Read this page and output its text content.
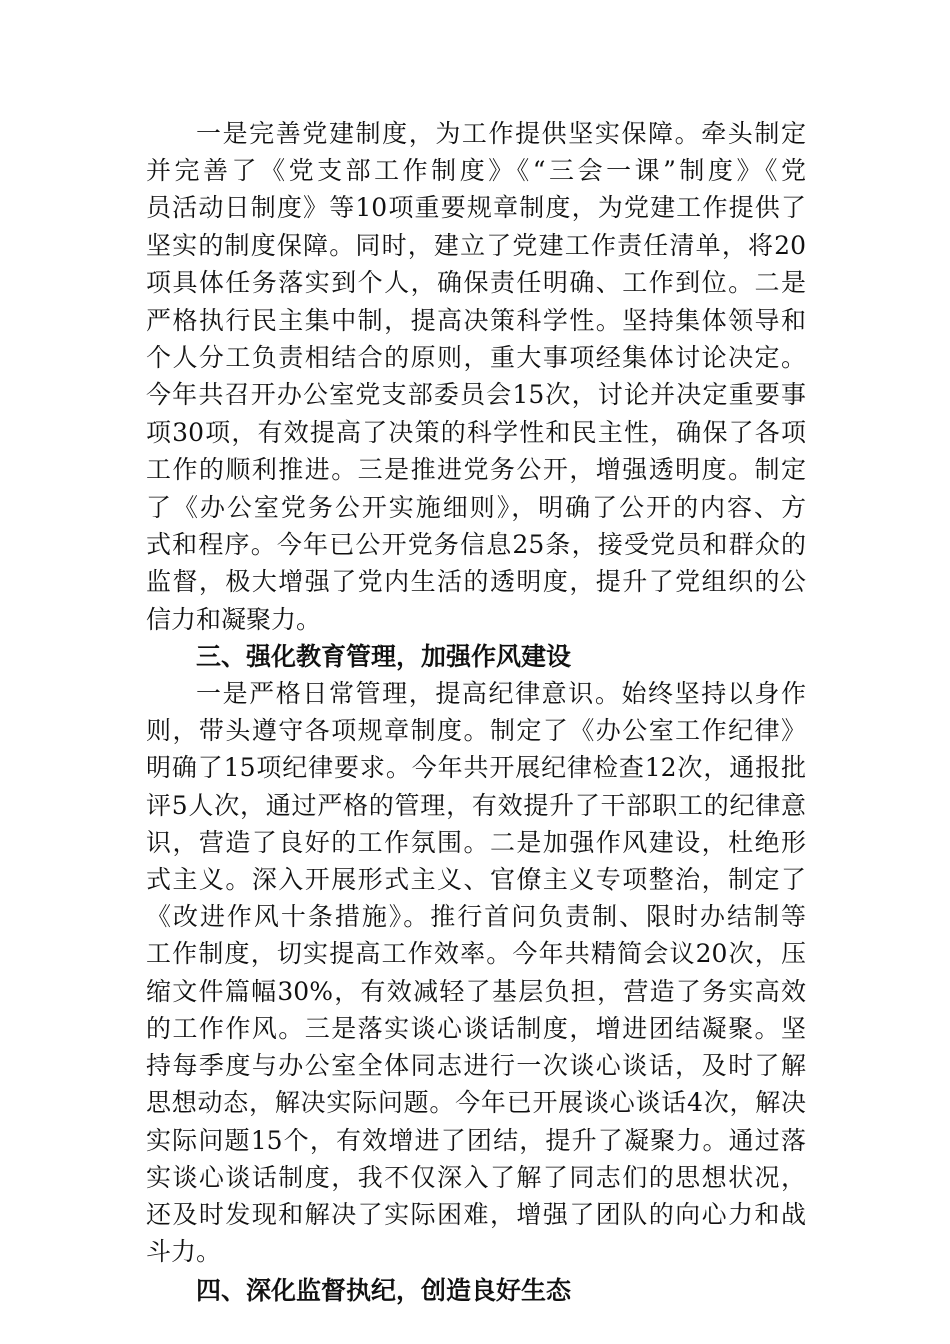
一是完善党建制度，为工作提供坚实保障。牵头制定
并完善了《党支部工作制度》《“三会一课”制度》《党
员活动日制度》等10项重要规章制度，为党建工作提供了
坚实的制度保障。同时，建立了党建工作责任清单，将20
项具体任务落实到个人，确保责任明确、工作到位。二是
严格执行民主集中制，提高决策科学性。坚持集体领导和
个人分工负责相结合的原则，重大事项经集体讨论决定。
今年共召开办公室党支部委员会15次，讨论并决定重要事
项30项，有效提高了决策的科学性和民主性，确保了各项
工作的顺利推进。三是推进党务公开，增强透明度。制定
了《办公室党务公开实施细则》，明确了公开的内容、方
式和程序。今年已公开党务信息25条，接受党员和群众的
监督，极大增强了党内生活的透明度，提升了党组织的公
信力和凝聚力。
三、强化教育管理，加强作风建设
一是严格日常管理，提高纪律意识。始终坚持以身作
则，带头遵守各项规章制度。制定了《办公室工作纪律》
明确了15项纪律要求。今年共开展纪律检查12次，通报批
评5人次，通过严格的管理，有效提升了干部职工的纪律意
识，营造了良好的工作氛围。二是加强作风建设，杜绝形
式主义。深入开展形式主义、官僚主义专项整治，制定了
《改进作风十条措施》。推行首问负责制、限时办结制等
工作制度，切实提高工作效率。今年共精简会议20次，压
缩文件篇幅30%，有效减轻了基层负担，营造了务实高效
的工作作风。三是落实谈心谈话制度，增进团结凝聚。坚
持每季度与办公室全体同志进行一次谈心谈话，及时了解
思想动态，解决实际问题。今年已开展谈心谈话4次，解决
实际问题15个，有效增进了团结，提升了凝聚力。通过落
实谈心谈话制度，我不仅深入了解了同志们的思想状况，
还及时发现和解决了实际困难，增强了团队的向心力和战
斗力。
四、深化监督执纪，创造良好生态
